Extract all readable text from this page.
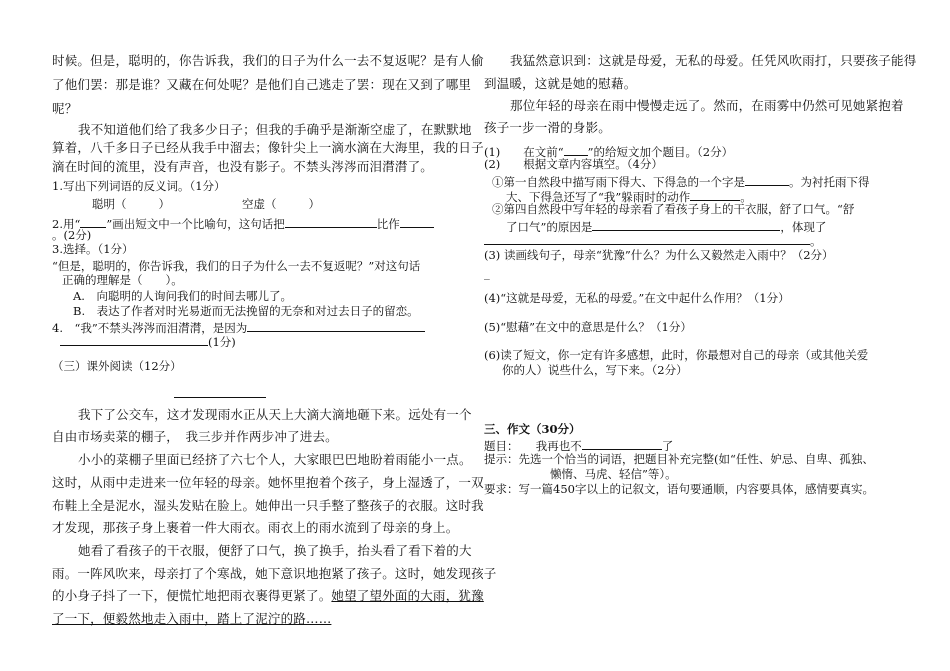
时候。但是，聪明的，你告诉我，我们的日子为什么一去不复返呢？是有人偷
了他们罢：那是谁？又藏在何处呢？是他们自己逃走了罢：现在又到了哪里
呢？
我不知道他们给了我多少日子；但我的手确乎是渐渐空虚了，在默默地
算着，八千多日子已经从我手中溜去；像针尖上一滴水滴在大海里，我的日子
滴在时间的流里，没有声音，也没有影子。不禁头涔涔而泪潸潸了。
1.写出下列词语的反义词。（1分）
聪明（	）	空虚（	）
2.用“ ”画出短文中一个比喻句，这句话把	比作
。(2分)
3.选择。（1分）
“但是，聪明的，你告诉我，我们的日子为什么一去不复返呢？”对这句话
正确的理解是（　　）。
A.　向聪明的人询问我们的时间去哪儿了。
B.　表达了作者对时光易逝而无法挽留的无奈和对过去日子的留恋。
4.　“我”不禁头涔涔而泪潸潸，是因为
(1分)
（三）课外阅读（12分）
我下了公交车，这才发现雨水正从天上大滴大滴地砸下来。远处有一个
自由市场卖菜的棚子，　我三步并作两步冲了进去。
小小的菜棚子里面已经挤了六七个人，大家眼巴巴地盼着雨能小一点。
这时，从雨中走进来一位年轻的母亲。她怀里抱着个孩子，身上湿透了，一双
布鞋上全是泥水，湿头发贴在脸上。她伸出一只手整了整孩子的衣服。这时我
才发现，那孩子身上裹着一件大雨衣。雨衣上的雨水流到了母亲的身上。
她看了看孩子的干衣服，便舒了口气，换了换手，抬头看了看下着的大
雨。一阵风吹来，母亲打了个寒战，她下意识地抱紧了孩子。这时，她发现孩子
的小身子抖了一下，便慌忙地把雨衣裹得更紧了。她望了望外面的大雨，犹豫
了一下，便毅然地走入雨中，踏上了泥泞的路……
我猛然意识到：这就是母爱，无私的母爱。任凭风吹雨打，只要孩子能得
到温暖，这就是她的慰藉。
那位年轻的母亲在雨中慢慢走远了。然而，在雨雾中仍然可见她紧抱着
孩子一步一滑的身影。
(1)　　在文前“ ”的给短文加个题目。（2分）
(2)　　根据文章内容填空。（4分）
①第一自然段中描写雨下得大、下得急的一个字是	。为衬托雨下得
大、下得急还写了“我”躲雨时的动作	。
②第四自然段中写年轻的母亲看了看孩子身上的干衣服，舒了口气。“舒
了口气”的原因是	，体现了
。
(3) 读画线句子，母亲“犹豫”什么？为什么又毅然走入雨中？（2分）
_
(4)“这就是母爱，无私的母爱。”在文中起什么作用？（1分）
(5)“慰藉”在文中的意思是什么？（1分）
(6)读了短文，你一定有许多感想，此时，你最想对自己的母亲（或其他关爱
你的人）说些什么，写下来。（2分）
三、作文（30分）
题目：　　我再也不	了
提示：先选一个恰当的词语，把题目补充完整(如“任性、妒忌、自卑、孤独、
懒惰、马虎、轻信”等）。
要求：写一篇450字以上的记叙文，语句要通顺，内容要具体，感情要真实。
